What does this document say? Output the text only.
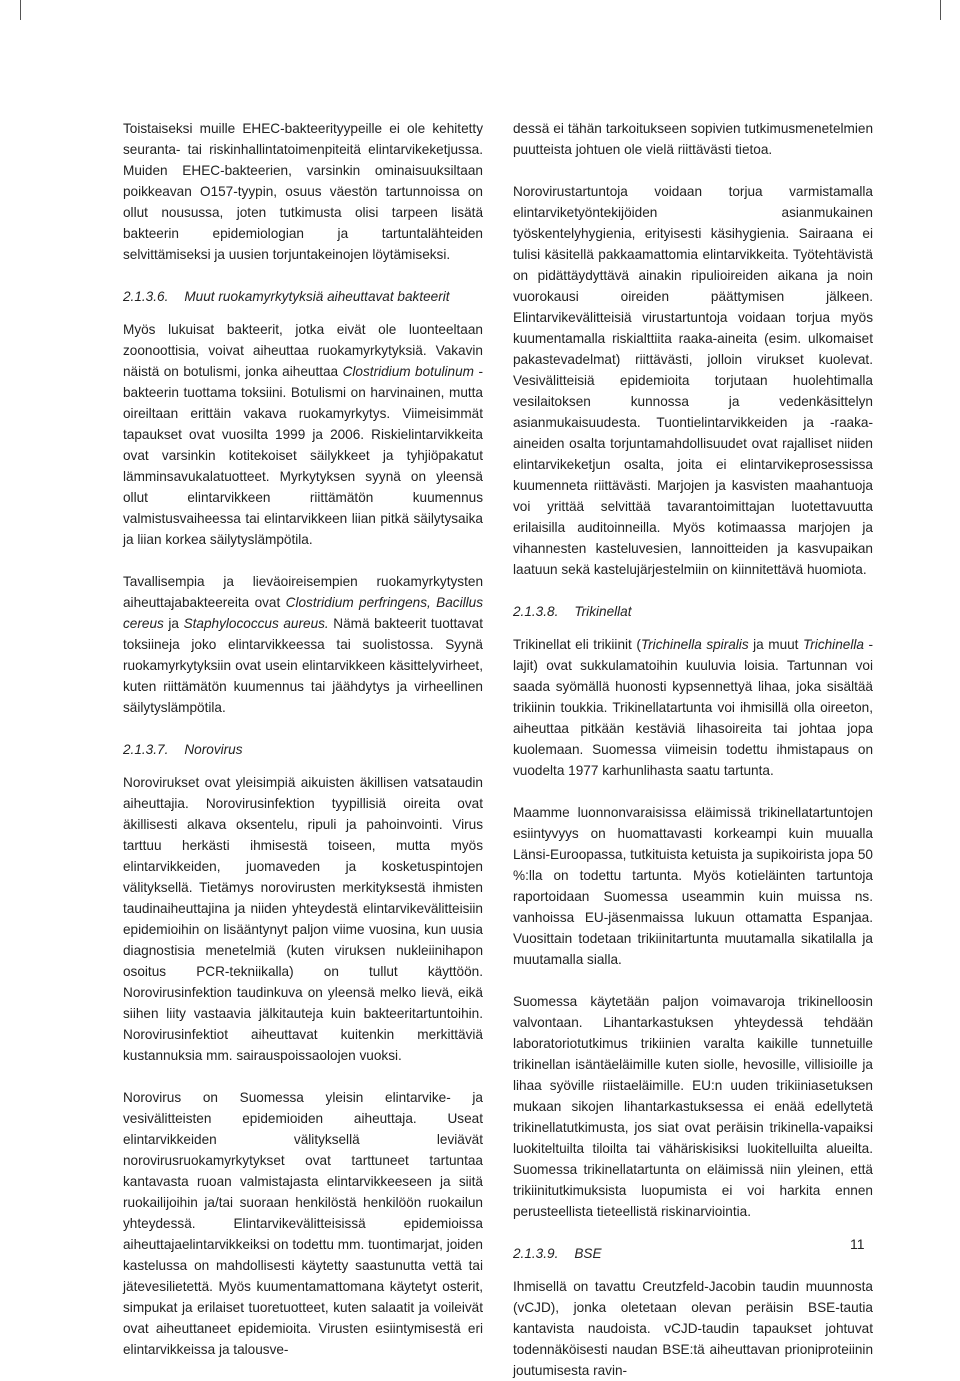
Toistaiseksi muille EHEC-bakteerityypeille ei ole kehitetty seuranta- tai riskinhallintatoimenpiteitä elintarvikeketjussa. Muiden EHEC-bakteerien, varsinkin ominaisuuksiltaan poikkeavan O157-tyypin, osuus väestön tartunnoissa on ollut nousussa, joten tutkimusta olisi tarpeen lisätä bakteerin epidemiologian ja tartuntalähteiden selvittämiseksi ja uusien torjuntakeinojen löytämiseksi.

2.1.3.6. Muut ruokamyrkytyksiä aiheuttavat bakteerit

Myös lukuisat bakteerit, jotka eivät ole luonteeltaan zoonoottisia, voivat aiheuttaa ruokamyrkytyksiä. Vakavin näistä on botulismi, jonka aiheuttaa Clostridium botulinum -bakteerin tuottama toksiini. Botulismi on harvinainen, mutta oireiltaan erittäin vakava ruokamyrkytys. Viimeisimmät tapaukset ovat vuosilta 1999 ja 2006. Riskielintarvikkeita ovat varsinkin kotitekoiset säilykkeet ja tyhjiöpakatut lämminsavukalatuotteet. Myrkytyksen syynä on yleensä ollut elintarvikkeen riittämätön kuumennus valmistusvaiheessa tai elintarvikkeen liian pitkä säilytysaika ja liian korkea säilytyslämpötila.

Tavallisempia ja lieväoireisempien ruokamyrkytysten aiheuttajabakteereita ovat Clostridium perfringens, Bacillus cereus ja Staphylococcus aureus. Nämä bakteerit tuottavat toksiineja joko elintarvikkeessa tai suolistossa. Syynä ruokamyrkytyksiin ovat usein elintarvikkeen käsittelyvirheet, kuten riittämätön kuumennus tai jäähdytys ja virheellinen säilytyslämpötila.

2.1.3.7. Norovirus

Norovirukset ovat yleisimpiä aikuisten äkillisen vatsataudin aiheuttajia. Norovirusinfektion tyypillisiä oireita ovat äkillisesti alkava oksentelu, ripuli ja pahoinvointi. Virus tarttuu herkästi ihmisestä toiseen, mutta myös elintarvikkeiden, juomaveden ja kosketuspintojen välityksellä. Tietämys norovirusten merkityksestä ihmisten taudinaiheuttajina ja niiden yhteydestä elintarvikevälitteisiin epidemioihin on lisääntynyt paljon viime vuosina, kun uusia diagnostisia menetelmiä (kuten viruksen nukleiinihapon osoitus PCR-tekniikalla) on tullut käyttöön. Norovirusinfektion taudinkuva on yleensä melko lievä, eikä siihen liity vastaavia jälkitauteja kuin bakteeritartuntoihin. Norovirusinfektiot aiheuttavat kuitenkin merkittäviä kustannuksia mm. sairauspoissaolojen vuoksi.

Norovirus on Suomessa yleisin elintarvike- ja vesivälitteisten epidemioiden aiheuttaja. Useat elintarvikkeiden välityksellä leviävät norovirusruokamyrkytykset ovat tarttuneet tartuntaa kantavasta ruoan valmistajasta elintarvikkeeseen ja siitä ruokailijoihin ja/tai suoraan henkilöstä henkilöön ruokailun yhteydessä. Elintarvikevälitteisissä epidemioissa aiheuttajaelintarvikkeiksi on todettu mm. tuontimarjat, joiden kastelussa on mahdollisesti käytetty saastunutta vettä tai jätevesilietettä. Myös kuumentamattomana käytetyt osterit, simpukat ja erilaiset tuoretuotteet, kuten salaatit ja voileivät ovat aiheuttaneet epidemioita. Virusten esiintymisestä eri elintarvikkeissa ja talousve-

dessä ei tähän tarkoitukseen sopivien tutkimusmenetelmien puutteista johtuen ole vielä riittävästi tietoa.

Norovirustartuntoja voidaan torjua varmistamalla elintarviketyöntekijöiden asianmukainen työskentelyhygienia, erityisesti käsihygienia. Sairaana ei tulisi käsitellä pakkaamattomia elintarvikkeita. Työtehtävistä on pidättäydyttävä ainakin ripulioireiden aikana ja noin vuorokausi oireiden päättymisen jälkeen. Elintarvikevälitteisiä virustartuntoja voidaan torjua myös kuumentamalla riskialttiita raaka-aineita (esim. ulkomaiset pakastevadelmat) riittävästi, jolloin virukset kuolevat. Vesivälitteisiä epidemioita torjutaan huolehtimalla vesilaitoksen kunnossa ja vedenkäsittelyn asianmukaisuudesta. Tuontielintarvikkeiden ja -raaka-aineiden osalta torjuntamahdollisuudet ovat rajalliset niiden elintarvikeketjun osalta, joita ei elintarvikeprosessissa kuumenneta riittävästi. Marjojen ja kasvisten maahantuoja voi yrittää selvittää tavarantoimittajan luotettavuutta erilaisilla auditoinneilla. Myös kotimaassa marjojen ja vihannesten kasteluvesien, lannoitteiden ja kasvupaikan laatuun sekä kastelujärjestelmiin on kiinnitettävä huomiota.

2.1.3.8. Trikinellat

Trikinellat eli trikiinit (Trichinella spiralis ja muut Trichinella -lajit) ovat sukkulamatoihin kuuluvia loisia. Tartunnan voi saada syömällä huonosti kypsennettyä lihaa, joka sisältää trikiinin toukkia. Trikinellatartunta voi ihmisillä olla oireeton, aiheuttaa pitkään kestäviä lihasoireita tai johtaa jopa kuolemaan. Suomessa viimeisin todettu ihmistapaus on vuodelta 1977 karhunlihasta saatu tartunta.

Maamme luonnonvaraisissa eläimissä trikinellatartuntojen esiintyvyys on huomattavasti korkeampi kuin muualla Länsi-Euroopassa, tutkituista ketuista ja supikoirista jopa 50 %:lla on todettu tartunta. Myös kotieläinten tartuntoja raportoidaan Suomessa useammin kuin muissa ns. vanhoissa EU-jäsenmaissa lukuun ottamatta Espanjaa. Vuosittain todetaan trikiinitartunta muutamalla sikatilalla ja muutamalla sialla.

Suomessa käytetään paljon voimavaroja trikinelloosin valvontaan. Lihantarkastuksen yhteydessä tehdään laboratoriotutkimus trikiinien varalta kaikille tunnetuille trikinellan isäntäeläimille kuten siolle, hevosille, villisioille ja lihaa syöville riistaeläimille. EU:n uuden trikiiniasetuksen mukaan sikojen lihantarkastuksessa ei enää edellytetä trikinellatutkimusta, jos siat ovat peräisin trikinella-vapaiksi luokiteltuilta tiloilta tai vähäriskisiksi luokitelluilta alueilta. Suomessa trikinellatartunta on eläimissä niin yleinen, että trikiinitutkimuksista luopumista ei voi harkita ennen perusteellista tieteellistä riskinarviointia.

2.1.3.9. BSE

Ihmisellä on tavattu Creutzfeld-Jacobin taudin muunnosta (vCJD), jonka oletetaan olevan peräisin BSE-tautia kantavista naudoista. vCJD-taudin tapaukset johtuvat todennäköisesti naudan BSE:tä aiheuttavan prioniproteiinin joutumisesta ravin-

11
